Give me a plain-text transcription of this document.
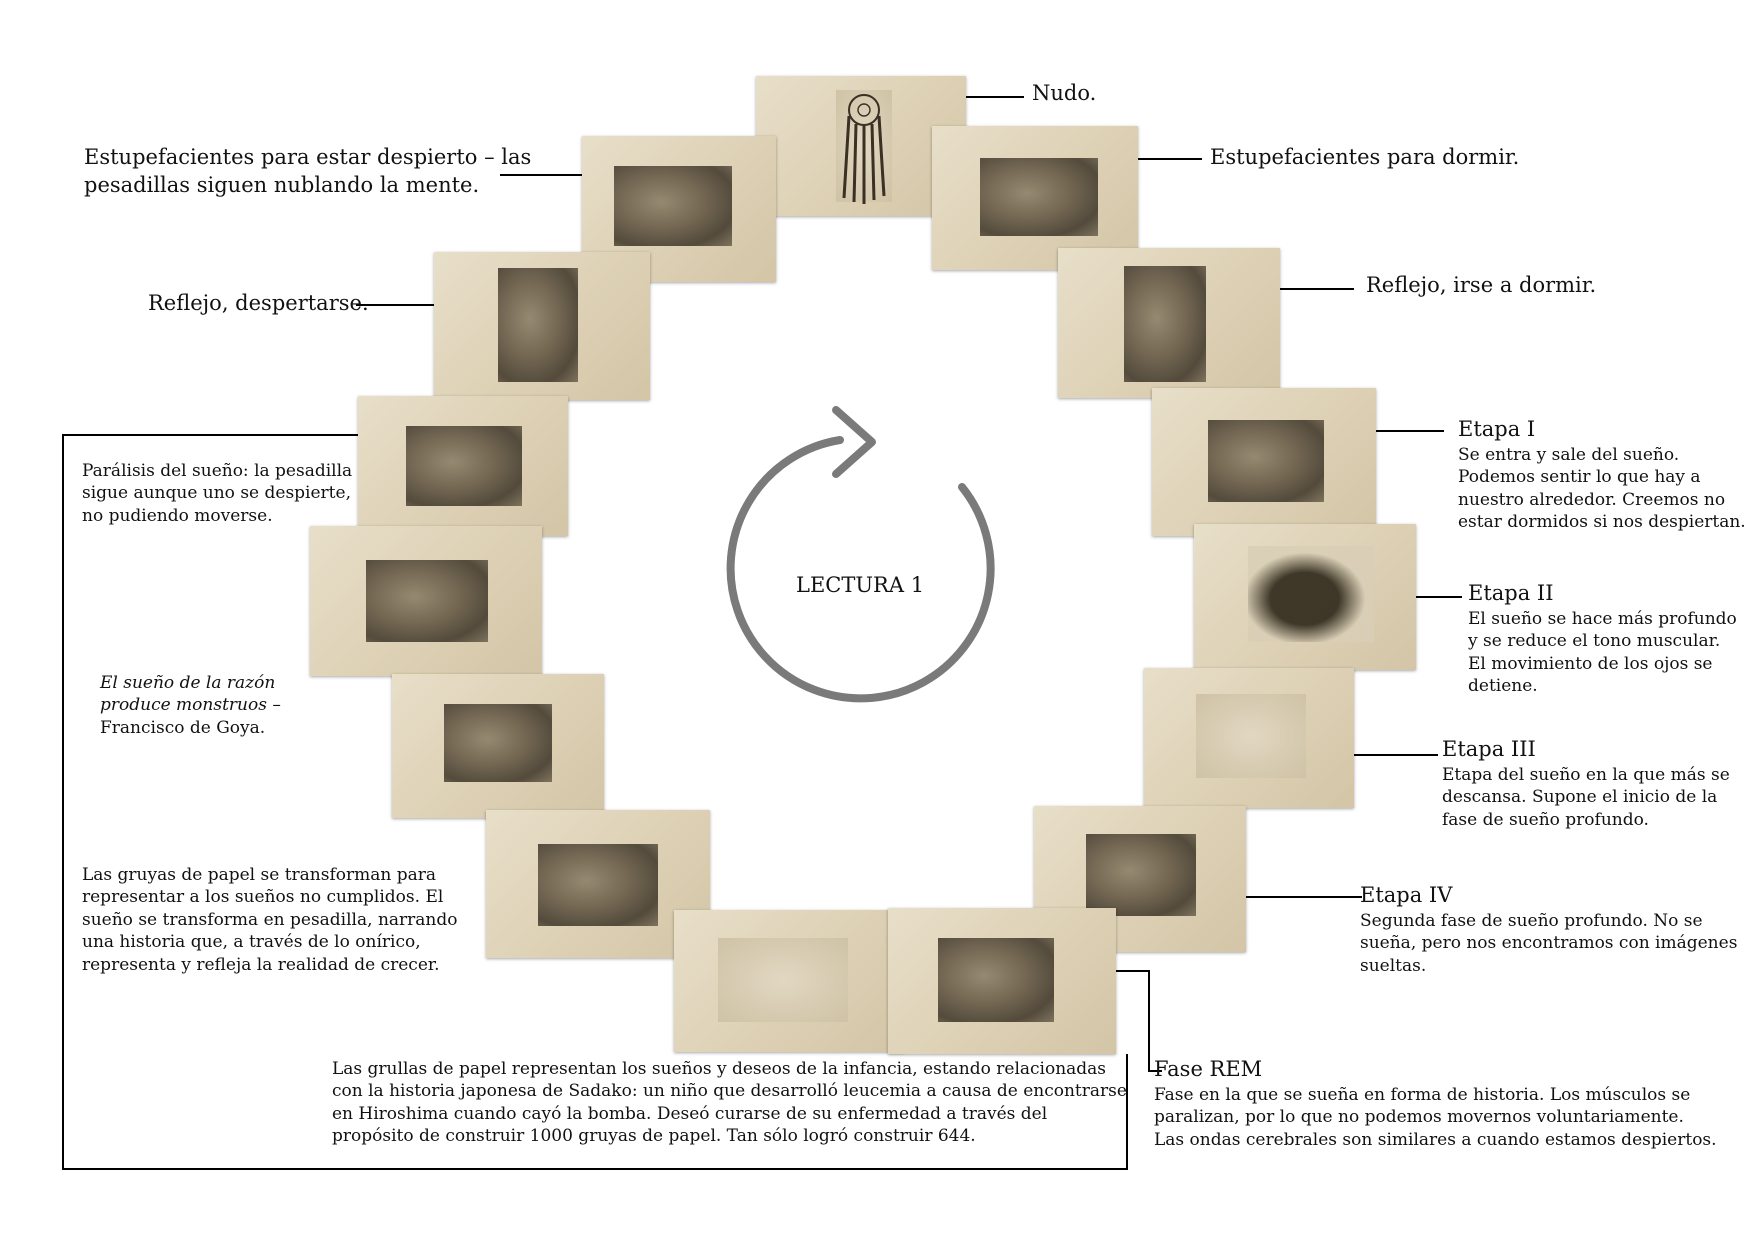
LECTURA 1
Nudo.
Estupefacientes para dormir.
Estupefacientes para estar despierto – las
pesadillas siguen nublando la mente.
Reflejo, irse a dormir.
Reflejo, despertarse.
Etapa I
Se entra y sale del sueño.
Podemos sentir lo que hay a
nuestro alrededor. Creemos no
estar dormidos si nos despiertan.
Etapa II
El sueño se hace más profundo
y se reduce el tono muscular.
El movimiento de los ojos se
detiene.
Etapa III
Etapa del sueño en la que más se
descansa. Supone el inicio de la
fase de sueño profundo.
Etapa IV
Segunda fase de sueño profundo. No se
sueña, pero nos encontramos con imágenes
sueltas.
Fase REM
Fase en la que se sueña en forma de historia. Los músculos se
paralizan, por lo que no podemos movernos voluntariamente.
Las ondas cerebrales son similares a cuando estamos despiertos.
Parálisis del sueño: la pesadilla
sigue aunque uno se despierte,
no pudiendo moverse.
El sueño de la razón
produce monstruos –
Francisco de Goya.
Las gruyas de papel se transforman para
representar a los sueños no cumplidos. El
sueño se transforma en pesadilla, narrando
una historia que, a través de lo onírico,
representa y refleja la realidad de crecer.
Las grullas de papel representan los sueños y deseos de la infancia, estando relacionadas
con la historia japonesa de Sadako: un niño que desarrolló leucemia a causa de encontrarse
en Hiroshima cuando cayó la bomba. Deseó curarse de su enfermedad a través del
propósito de construir 1000 gruyas de papel. Tan sólo logró construir 644.
